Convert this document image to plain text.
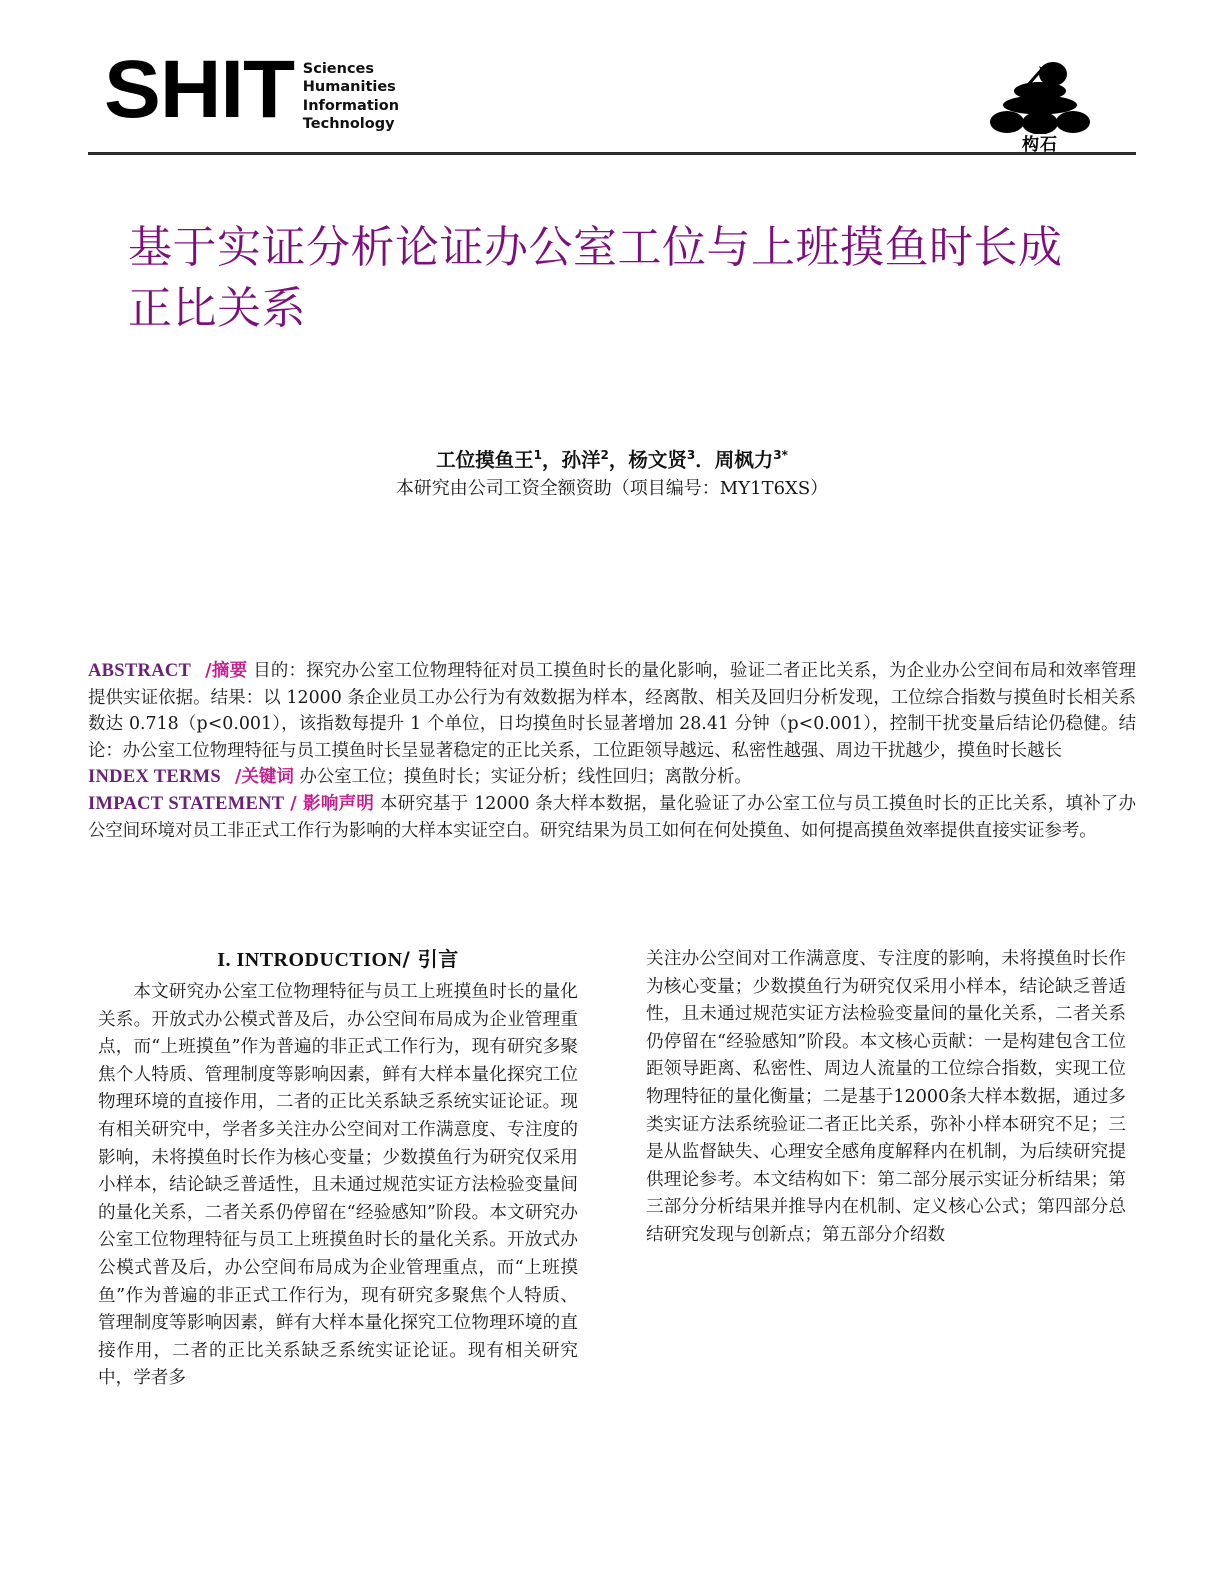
SHIT Sciences
Humanities
Information
Technology
构石
基于实证分析论证办公室工位与上班摸鱼时长成正比关系
工位摸鱼王$^1$，孙洋$^2$，杨文贤$^3$．周枫力$^{3*}$
本研究由公司工资全额资助（项目编号：MY1T6XS）

ABSTRACT /摘要 目的：探究办公室工位物理特征对员工摸鱼时长的量化影响，验证二者正比关系，为企业办公空间布局和效率管理提供实证依据。结果：以 12000 条企业员工办公行为有效数据为样本，经离散、相关及回归分析发现，工位综合指数与摸鱼时长相关系数达 0.718（p<0.001），该指数每提升 1 个单位，日均摸鱼时长显著增加 28.41 分钟（p<0.001），控制干扰变量后结论仍稳健。结论：办公室工位物理特征与员工摸鱼时长呈显著稳定的正比关系，工位距领导越远、私密性越强、周边干扰越少，摸鱼时长越长

INDEX TERMS /关键词 办公室工位；摸鱼时长；实证分析；线性回归；离散分析。

IMPACT STATEMENT / 影响声明 本研究基于 12000 条大样本数据，量化验证了办公室工位与员工摸鱼时长的正比关系，填补了办公空间环境对员工非正式工作行为影响的大样本实证空白。研究结果为员工如何在何处摸鱼、如何提高摸鱼效率提供直接实证参考。

I. INTRODUCTION/ 引言

本文研究办公室工位物理特征与员工上班摸鱼时长的量化关系。开放式办公模式普及后，办公空间布局成为企业管理重点，而“上班摸鱼”作为普遍的非正式工作行为，现有研究多聚焦个人特质、管理制度等影响因素，鲜有大样本量化探究工位物理环境的直接作用，二者的正比关系缺乏系统实证论证。现有相关研究中，学者多关注办公空间对工作满意度、专注度的影响，未将摸鱼时长作为核心变量；少数摸鱼行为研究仅采用小样本，结论缺乏普适性，且未通过规范实证方法检验变量间的量化关系，二者关系仍停留在“经验感知”阶段。本文研究办公室工位物理特征与员工上班摸鱼时长的量化关系。开放式办公模式普及后，办公空间布局成为企业管理重点，而“上班摸鱼”作为普遍的非正式工作行为，现有研究多聚焦个人特质、管理制度等影响因素，鲜有大样本量化探究工位物理环境的直接作用，二者的正比关系缺乏系统实证论证。现有相关研究中，学者多

关注办公空间对工作满意度、专注度的影响，未将摸鱼时长作为核心变量；少数摸鱼行为研究仅采用小样本，结论缺乏普适性，且未通过规范实证方法检验变量间的量化关系，二者关系仍停留在“经验感知”阶段。本文核心贡献：一是构建包含工位距领导距离、私密性、周边人流量的工位综合指数，实现工位物理特征的量化衡量；二是基于12000条大样本数据，通过多类实证方法系统验证二者正比关系，弥补小样本研究不足；三是从监督缺失、心理安全感角度解释内在机制，为后续研究提供理论参考。本文结构如下：第二部分展示实证分析结果；第三部分分析结果并推导内在机制、定义核心公式；第四部分总结研究发现与创新点；第五部分介绍数
